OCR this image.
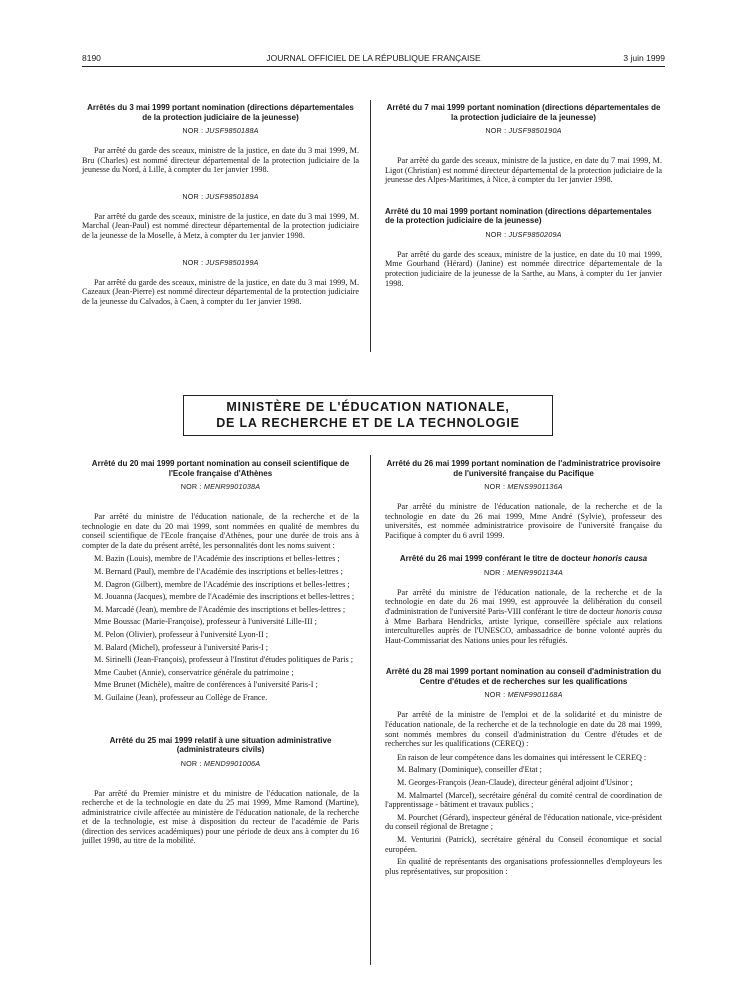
8190	JOURNAL OFFICIEL DE LA RÉPUBLIQUE FRANÇAISE	3 juin 1999
Arrêtés du 3 mai 1999 portant nomination (directions départementales de la protection judiciaire de la jeunesse)
NOR : JUSF9850188A

Par arrêté du garde des sceaux, ministre de la justice, en date du 3 mai 1999, M. Bru (Charles) est nommé directeur départemental de la protection judiciaire de la jeunesse du Nord, à Lille, à compter du 1er janvier 1998.

NOR : JUSF9850189A

Par arrêté du garde des sceaux, ministre de la justice, en date du 3 mai 1999, M. Marchal (Jean-Paul) est nommé directeur départemental de la protection judiciaire de la jeunesse de la Moselle, à Metz, à compter du 1er janvier 1998.

NOR : JUSF9850199A

Par arrêté du garde des sceaux, ministre de la justice, en date du 3 mai 1999, M. Cazeaux (Jean-Pierre) est nommé directeur départemental de la protection judiciaire de la jeunesse du Calvados, à Caen, à compter du 1er janvier 1998.

Arrêté du 7 mai 1999 portant nomination (directions départementales de la protection judiciaire de la jeunesse)
NOR : JUSF9850190A

Par arrêté du garde des sceaux, ministre de la justice, en date du 7 mai 1999, M. Ligot (Christian) est nommé directeur départemental de la protection judiciaire de la jeunesse des Alpes-Maritimes, à Nice, à compter du 1er janvier 1998.

Arrêté du 10 mai 1999 portant nomination (directions départementales de la protection judiciaire de la jeunesse)
NOR : JUSF9850209A

Par arrêté du garde des sceaux, ministre de la justice, en date du 10 mai 1999, Mme Gourhand (Hérard) (Janine) est nommée directrice départementale de la protection judiciaire de la jeunesse de la Sarthe, au Mans, à compter du 1er janvier 1998.

MINISTÈRE DE L'ÉDUCATION NATIONALE,
DE LA RECHERCHE ET DE LA TECHNOLOGIE
Arrêté du 20 mai 1999 portant nomination au conseil scientifique de l'Ecole française d'Athènes
NOR : MENR9901038A

Par arrêté du ministre de l'éducation nationale, de la recherche et de la technologie en date du 20 mai 1999, sont nommées en qualité de membres du conseil scientifique de l'Ecole française d'Athènes, pour une durée de trois ans à compter de la date du présent arrêté, les personnalités dont les noms suivent :

M. Bazin (Louis), membre de l'Académie des inscriptions et belles-lettres ;

M. Bernard (Paul), membre de l'Académie des inscriptions et belles-lettres ;

M. Dagron (Gilbert), membre de l'Académie des inscriptions et belles-lettres ;

M. Jouanna (Jacques), membre de l'Académie des inscriptions et belles-lettres ;

M. Marcadé (Jean), membre de l'Académie des inscriptions et belles-lettres ;

Mme Boussac (Marie-Françoise), professeur à l'université Lille-III ;

M. Pelon (Olivier), professeur à l'université Lyon-II ;

M. Balard (Michel), professeur à l'université Paris-I ;

M. Sirinelli (Jean-François), professeur à l'Institut d'études politiques de Paris ;

Mme Caubet (Annie), conservatrice générale du patrimoine ;

Mme Brunet (Michèle), maître de conférences à l'université Paris-I ;

M. Guilaine (Jean), professeur au Collège de France.

Arrêté du 25 mai 1999 relatif à une situation administrative (administrateurs civils)
NOR : MEND9901006A

Par arrêté du Premier ministre et du ministre de l'éducation nationale, de la recherche et de la technologie en date du 25 mai 1999, Mme Ramond (Martine), administratrice civile affectée au ministère de l'éducation nationale, de la recherche et de la technologie, est mise à disposition du recteur de l'académie de Paris (direction des services académiques) pour une période de deux ans à compter du 16 juillet 1998, au titre de la mobilité.

Arrêté du 26 mai 1999 portant nomination de l'administratrice provisoire de l'université française du Pacifique
NOR : MENS9901136A

Par arrêté du ministre de l'éducation nationale, de la recherche et de la technologie en date du 26 mai 1999, Mme André (Sylvie), professeur des universités, est nommée administratrice provisoire de l'université française du Pacifique à compter du 6 avril 1999.

Arrêté du 26 mai 1999 conférant le titre de docteur honoris causa
NOR : MENR9901134A

Par arrêté du ministre de l'éducation nationale, de la recherche et de la technologie en date du 26 mai 1999, est approuvée la délibération du conseil d'administration de l'université Paris-VIII conférant le titre de docteur honoris causa à Mme Barbara Hendricks, artiste lyrique, conseillère spéciale aux relations interculturelles auprès de l'UNESCO, ambassadrice de bonne volonté auprès du Haut-Commissariat des Nations unies pour les réfugiés.

Arrêté du 28 mai 1999 portant nomination au conseil d'administration du Centre d'études et de recherches sur les qualifications
NOR : MENF9901168A

Par arrêté de la ministre de l'emploi et de la solidarité et du ministre de l'éducation nationale, de la recherche et de la technologie en date du 28 mai 1999, sont nommés membres du conseil d'administration du Centre d'études et de recherches sur les qualifications (CEREQ) :

En raison de leur compétence dans les domaines qui intéressent le CEREQ :

M. Balmary (Dominique), conseiller d'Etat ;

M. Georges-François (Jean-Claude), directeur général adjoint d'Usinor ;

M. Malmartel (Marcel), secrétaire général du comité central de coordination de l'apprentissage - bâtiment et travaux publics ;

M. Pourchet (Gérard), inspecteur général de l'éducation nationale, vice-président du conseil régional de Bretagne ;

M. Venturini (Patrick), secrétaire général du Conseil économique et social européen.

En qualité de représentants des organisations professionnelles d'employeurs les plus représentatives, sur proposition :
